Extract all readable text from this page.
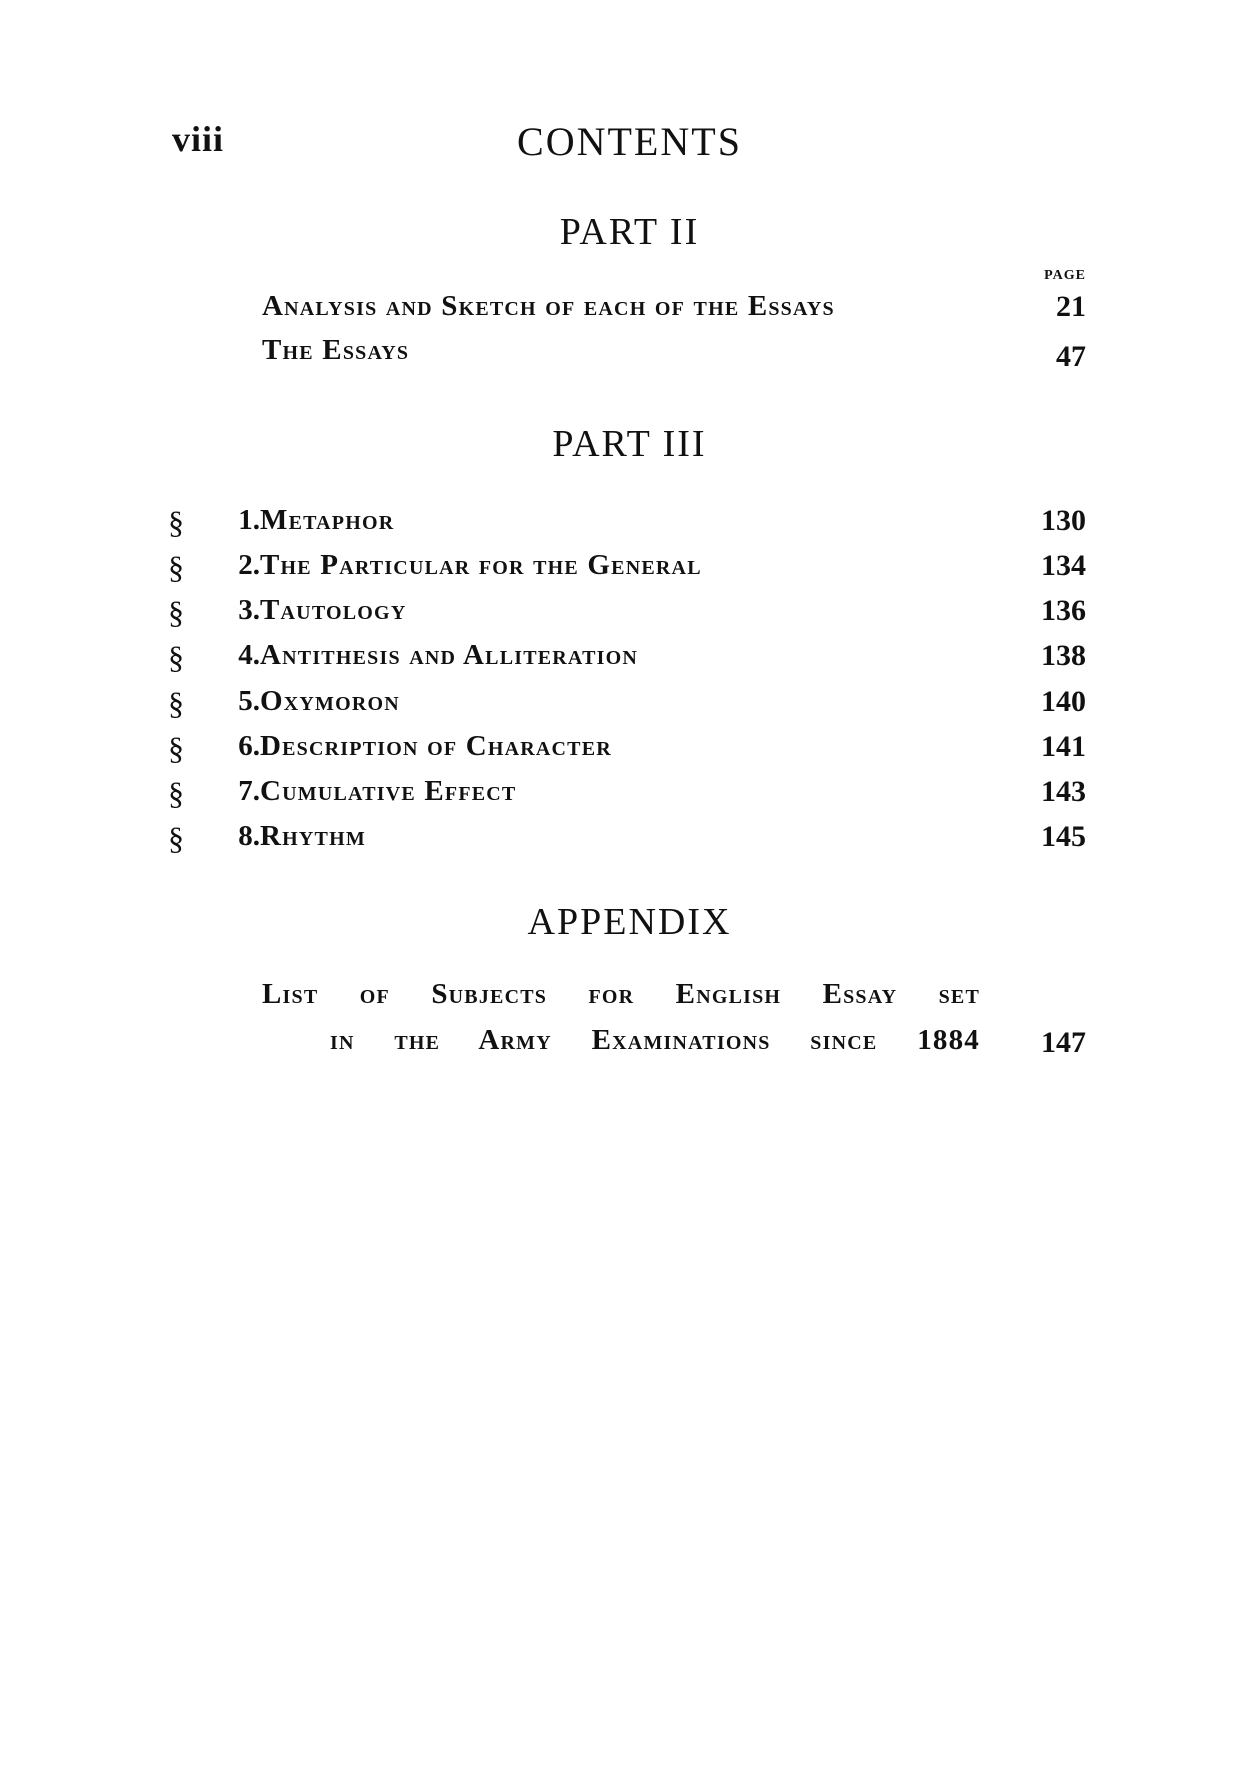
viii	CONTENTS
PART II
PAGE
Analysis and Sketch of each of the Essays	21
The Essays	47
PART III
§	1. Metaphor	130
§	2. The Particular for the General	134
§	3. Tautology	136
§	4. Antithesis and Alliteration	138
§	5. Oxymoron	140
§	6. Description of Character	141
§	7. Cumulative Effect	143
§	8. Rhythm	145
APPENDIX
List of Subjects for English Essay set
in the Army Examinations since 1884	147
